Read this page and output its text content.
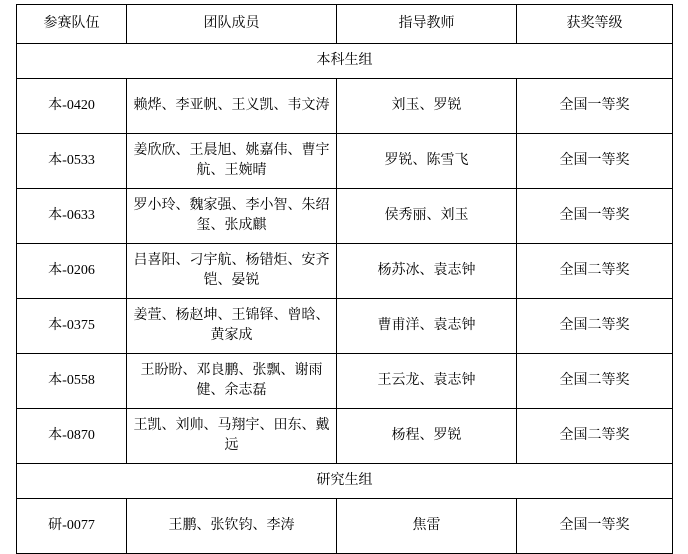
参赛队伍	团队成员	指导教师	获奖等级
本科生组			
本-0420	赖烨、李亚帆、王义凯、韦文涛	刘玉、罗锐	全国一等奖
本-0533	姜欣欣、王晨旭、姚嘉伟、曹宇航、王婉晴	罗锐、陈雪飞	全国一等奖
本-0633	罗小玲、魏家强、李小智、朱绍玺、张成麒	侯秀丽、刘玉	全国一等奖
本-0206	吕喜阳、刁宇航、杨错炬、安齐铠、晏锐	杨苏冰、袁志钟	全国二等奖
本-0375	姜萱、杨赵坤、王锦铎、曾晗、黄家成	曹甫洋、袁志钟	全国二等奖
本-0558	王盼盼、邓良鹏、张飘、谢雨健、余志磊	王云龙、袁志钟	全国二等奖
本-0870	王凯、刘帅、马翔宇、田东、戴远	杨程、罗锐	全国二等奖
研究生组			
研-0077	王鹏、张钦钧、李涛	焦雷	全国一等奖
